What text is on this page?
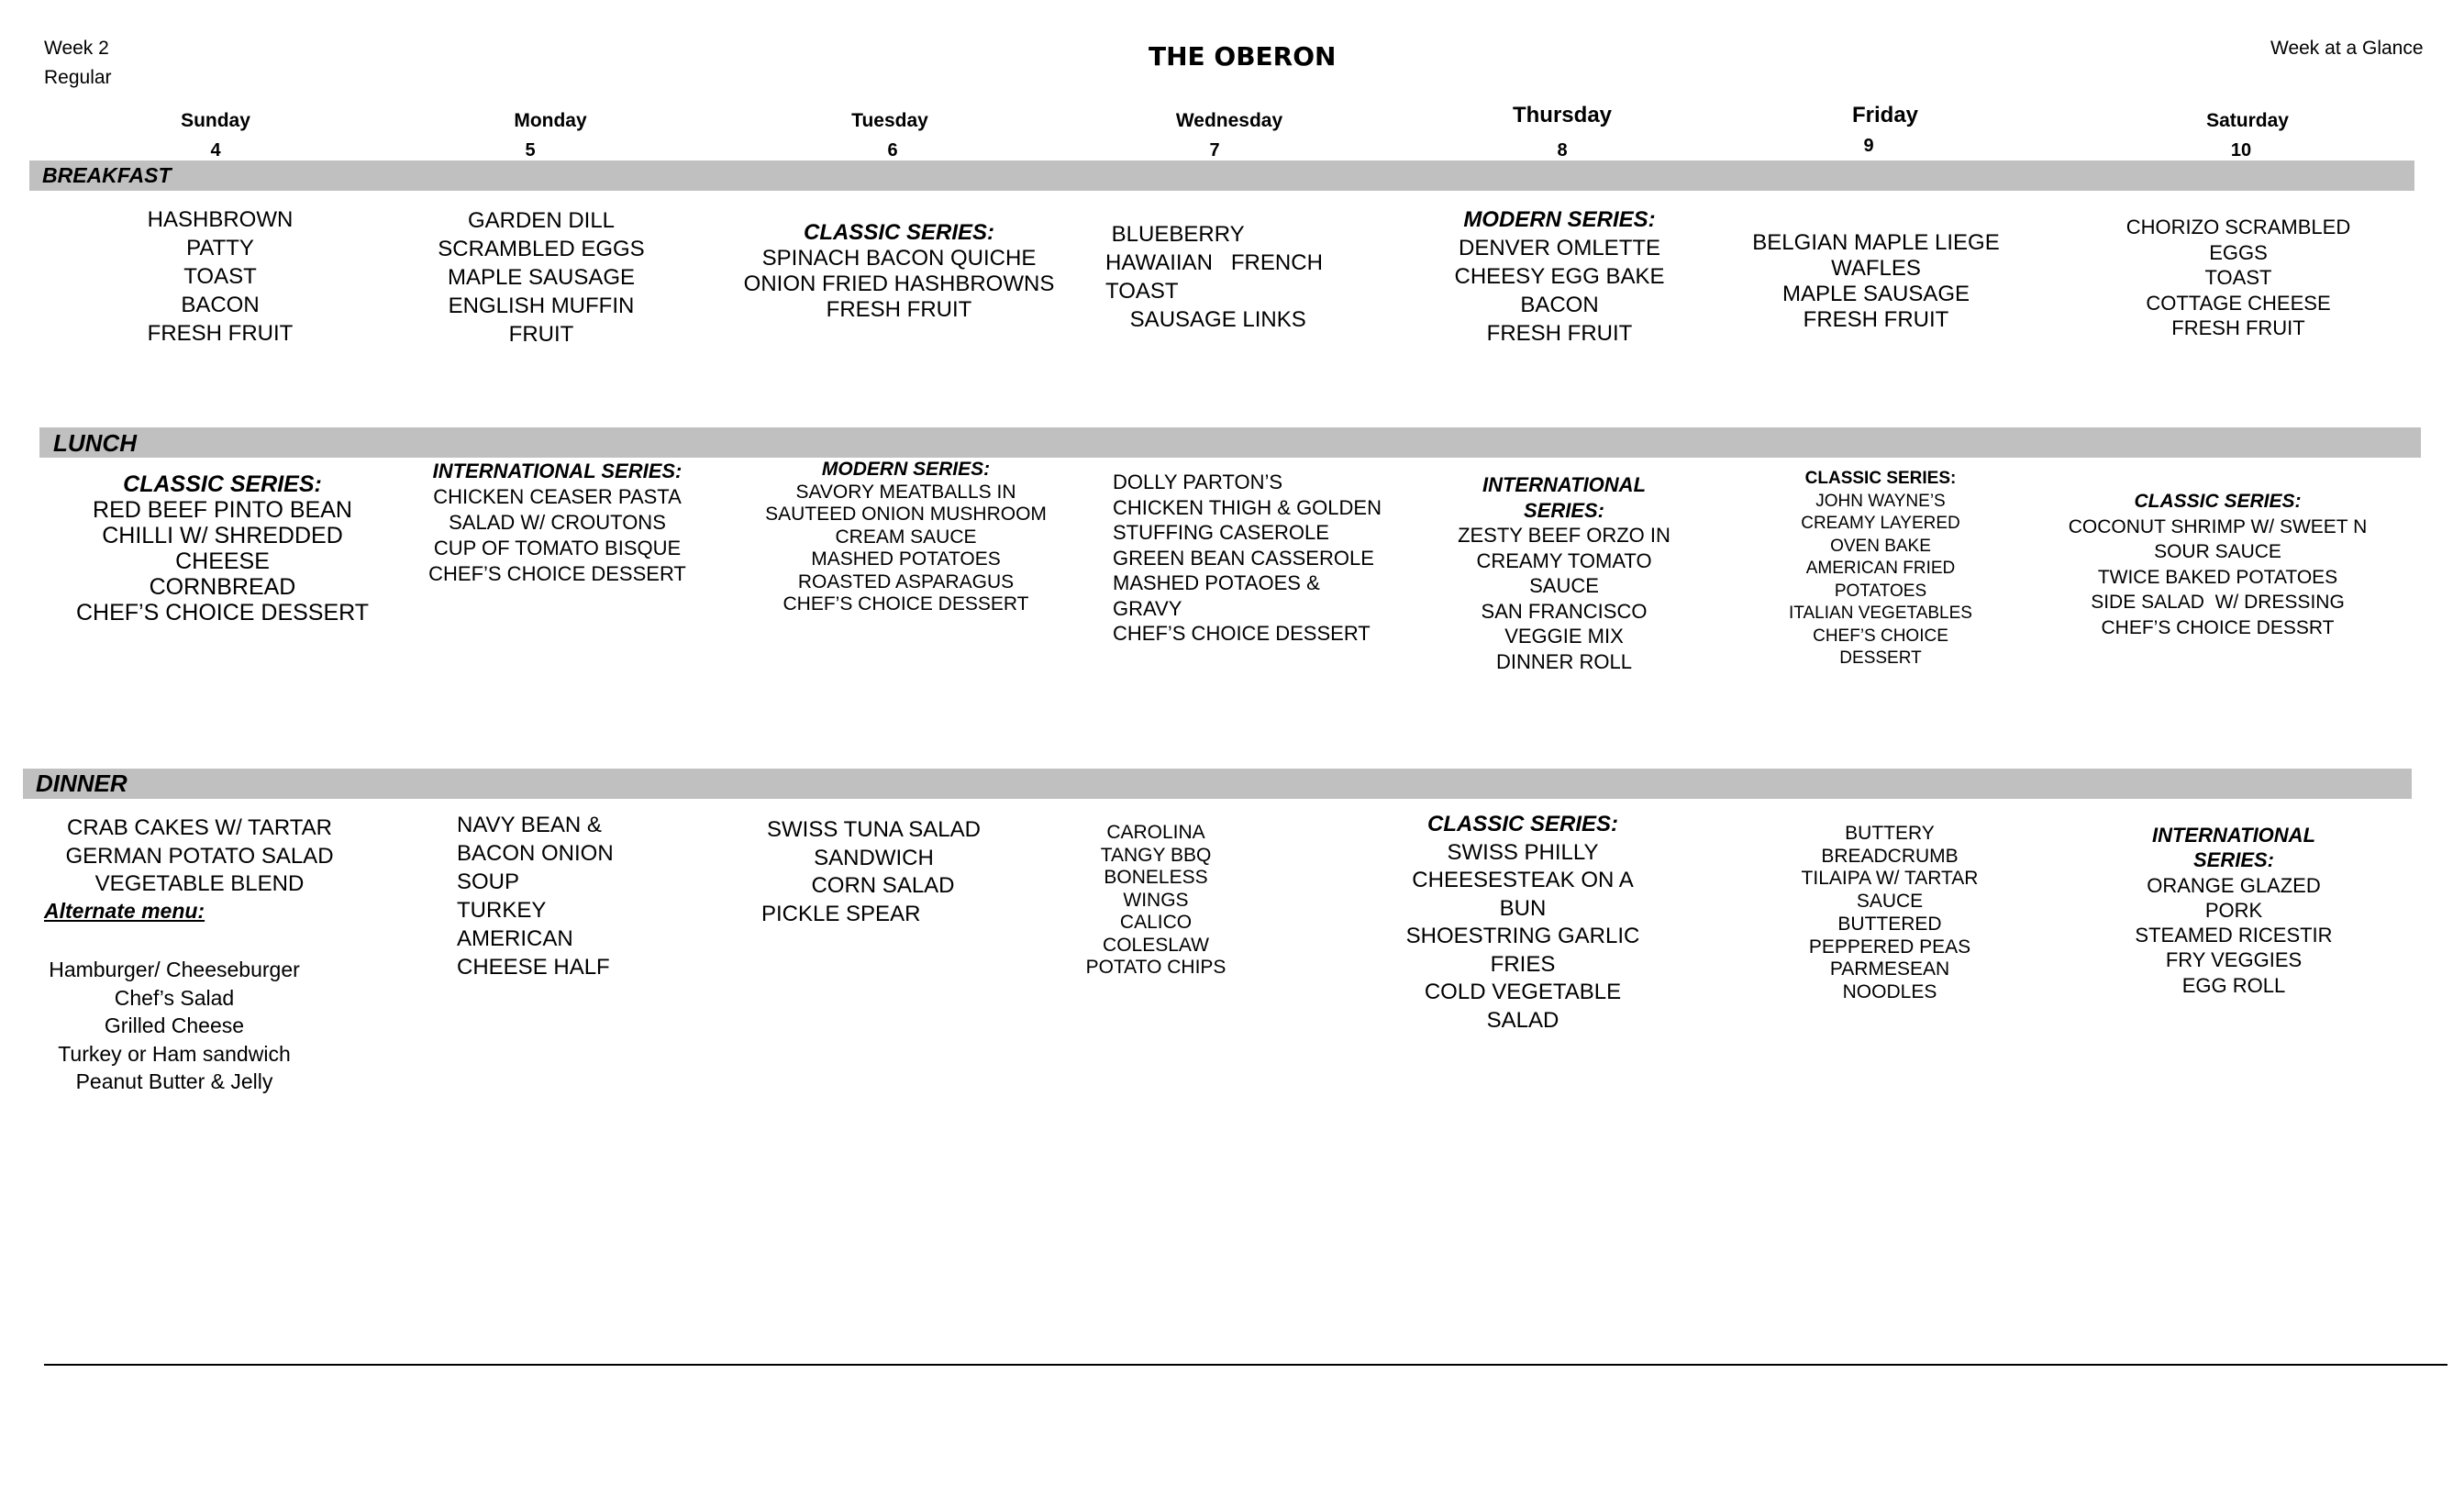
Week 2
Regular
THE OBERON	Week at a Glance
Sunday
4
Monday
5
Tuesday
6
Wednesday
7
Thursday
8
Friday
9
Saturday
10
BREAKFAST
HASHBROWN
PATTY
TOAST
BACON
FRESH FRUIT
GARDEN DILL
SCRAMBLED EGGS
MAPLE SAUSAGE
ENGLISH MUFFIN
FRUIT
CLASSIC SERIES:
SPINACH BACON QUICHE
ONION FRIED HASHBROWNS
FRESH FRUIT
BLUEBERRY
HAWAIIAN   FRENCH
TOAST
SAUSAGE LINKS
MODERN SERIES:
DENVER OMLETTE
CHEESY EGG BAKE
BACON
FRESH FRUIT
BELGIAN MAPLE LIEGE
WAFLES
MAPLE SAUSAGE
FRESH FRUIT
CHORIZO SCRAMBLED
EGGS
TOAST
COTTAGE CHEESE
FRESH FRUIT
LUNCH
CLASSIC SERIES:
RED BEEF PINTO BEAN
CHILLI W/ SHREDDED
CHEESE
CORNBREAD
CHEF’S CHOICE DESSERT
INTERNATIONAL SERIES:
CHICKEN CEASER PASTA
SALAD W/ CROUTONS
CUP OF TOMATO BISQUE
CHEF’S CHOICE DESSERT
MODERN SERIES:
SAVORY MEATBALLS IN
SAUTEED ONION MUSHROOM
CREAM SAUCE
MASHED POTATOES
ROASTED ASPARAGUS
CHEF’S CHOICE DESSERT
DOLLY PARTON’S
CHICKEN THIGH & GOLDEN
STUFFING CASEROLE
GREEN BEAN CASSEROLE
MASHED POTAOES &
GRAVY
CHEF’S CHOICE DESSERT
INTERNATIONAL
SERIES:
ZESTY BEEF ORZO IN
CREAMY TOMATO
SAUCE
SAN FRANCISCO
VEGGIE MIX
DINNER ROLL
CLASSIC SERIES:
JOHN WAYNE’S
CREAMY LAYERED
OVEN BAKE
AMERICAN FRIED
POTATOES
ITALIAN VEGETABLES
CHEF’S CHOICE
DESSERT
CLASSIC SERIES:
COCONUT SHRIMP W/ SWEET N
SOUR SAUCE
TWICE BAKED POTATOES
SIDE SALAD  W/ DRESSING
CHEF’S CHOICE DESSRT
DINNER
CRAB CAKES W/ TARTAR
GERMAN POTATO SALAD
VEGETABLE BLEND
Alternate menu:
Hamburger/ Cheeseburger
Chef’s Salad
Grilled Cheese
Turkey or Ham sandwich
Peanut Butter & Jelly
NAVY BEAN &
BACON ONION
SOUP
TURKEY
AMERICAN
CHEESE HALF
SWISS TUNA SALAD
SANDWICH
CORN SALAD
PICKLE SPEAR
CAROLINA
TANGY BBQ
BONELESS
WINGS
CALICO
COLESLAW
POTATO CHIPS
CLASSIC SERIES:
SWISS PHILLY
CHEESESTEAK ON A
BUN
SHOESTRING GARLIC
FRIES
COLD VEGETABLE
SALAD
BUTTERY
BREADCRUMB
TILAIPA W/ TARTAR
SAUCE
BUTTERED
PEPPERED PEAS
PARMESEAN
NOODLES
INTERNATIONAL
SERIES:
ORANGE GLAZED
PORK
STEAMED RICESTIR
FRY VEGGIES
EGG ROLL
